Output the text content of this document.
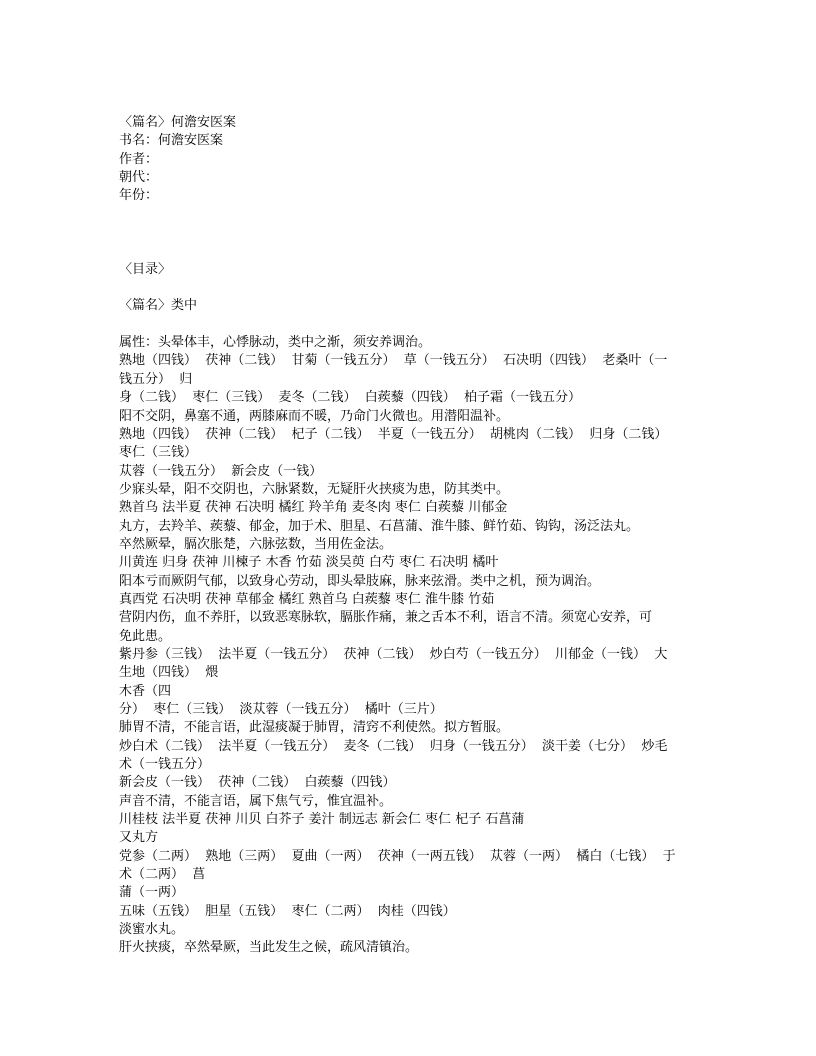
〈篇名〉何澹安医案
书名：何澹安医案
作者：
朝代：
年份：
〈目录〉
〈篇名〉类中
属性：头晕体丰，心悸脉动，类中之渐，须安养调治。
熟地（四钱）  茯神（二钱）  甘菊（一钱五分）  草（一钱五分）  石决明（四钱）  老桑叶（一
钱五分）  归
身（二钱）  枣仁（三钱）  麦冬（二钱）  白蒺藜（四钱）  柏子霜（一钱五分）
阳不交阴，鼻塞不通，两膝麻而不暖，乃命门火微也。用潜阳温补。
熟地（四钱）  茯神（二钱）  杞子（二钱）  半夏（一钱五分）  胡桃肉（二钱）  归身（二钱）
枣仁（三钱）
苁蓉（一钱五分）  新会皮（一钱）
少寐头晕，阳不交阴也，六脉紧数，无疑肝火挟痰为患，防其类中。
熟首乌 法半夏 茯神 石决明 橘红 羚羊角 麦冬肉 枣仁 白蒺藜 川郁金
丸方，去羚羊、蒺藜、郁金，加于术、胆星、石菖蒲、淮牛膝、鲜竹茹、钩钩，汤泛法丸。
卒然厥晕，膈次胀楚，六脉弦数，当用佐金法。
川黄连 归身 茯神 川楝子 木香 竹茹 淡吴萸 白芍 枣仁 石决明 橘叶
阳本亏而厥阴气郁，以致身心劳动，即头晕肢麻，脉来弦滑。类中之机，预为调治。
真西党 石决明 茯神 草郁金 橘红 熟首乌 白蒺藜 枣仁 淮牛膝 竹茹
营阴内伤，血不养肝，以致恶寒脉软，膈胀作痛，兼之舌本不利，语言不清。须宽心安养，可
免此患。
紫丹参（三钱）  法半夏（一钱五分）  茯神（二钱）  炒白芍（一钱五分）  川郁金（一钱）  大
生地（四钱）  煨
木香（四
分）  枣仁（三钱）  淡苁蓉（一钱五分）  橘叶（三片）
肺胃不清，不能言语，此湿痰凝于肺胃，清窍不利使然。拟方暂服。
炒白术（二钱）  法半夏（一钱五分）  麦冬（二钱）  归身（一钱五分）  淡干姜（七分）  炒毛
术（一钱五分）
新会皮（一钱）  茯神（二钱）  白蒺藜（四钱）
声音不清，不能言语，属下焦气亏，惟宜温补。
川桂枝 法半夏 茯神 川贝 白芥子 姜汁 制远志 新会仁 枣仁 杞子 石菖蒲
又丸方
党参（二两）  熟地（三两）  夏曲（一两）  茯神（一两五钱）  苁蓉（一两）  橘白（七钱）  于
术（二两）  菖
蒲（一两）
五味（五钱）  胆星（五钱）  枣仁（二两）  肉桂（四钱）
淡蜜水丸。
肝火挟痰，卒然晕厥，当此发生之候，疏风清镇治。
